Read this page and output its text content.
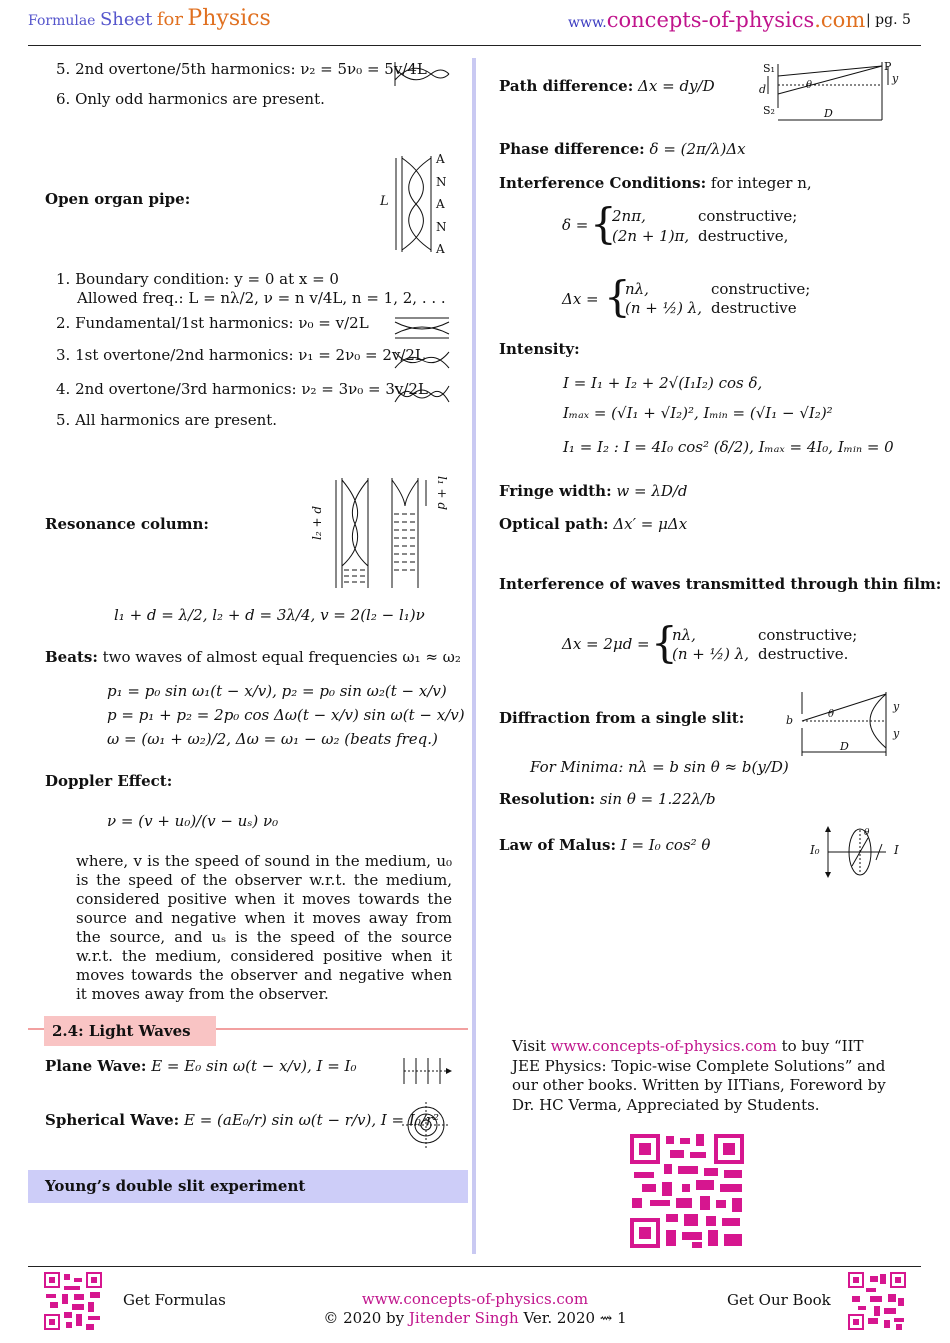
Formulae Sheet for Physics	www.concepts-of-physics.com | pg. 5
5. 2nd overtone/5th harmonics: ν₂ = 5ν₀ = 5v/4L
6. Only odd harmonics are present.
Open organ pipe:	L
A
N
A
N
A
1. Boundary condition: y = 0 at x = 0
Allowed freq.: L = nλ/2, ν = n v/4L, n = 1, 2, . . .
2. Fundamental/1st harmonics: ν₀ = v/2L
3. 1st overtone/2nd harmonics: ν₁ = 2ν₀ = 2v/2L
4. 2nd overtone/3rd harmonics: ν₂ = 3ν₀ = 3v/2L
5. All harmonics are present.
Resonance column:	l₂ + d
l₁ + d
l₁ + d = λ/2, l₂ + d = 3λ/4, v = 2(l₂ − l₁)ν
Beats: two waves of almost equal frequencies ω₁ ≈ ω₂
p₁ = p₀ sin ω₁(t − x/v), p₂ = p₀ sin ω₂(t − x/v)
p = p₁ + p₂ = 2p₀ cos Δω(t − x/v) sin ω(t − x/v)
ω = (ω₁ + ω₂)/2, Δω = ω₁ − ω₂ (beats freq.)
Doppler Effect:
ν = (v + u₀)/(v − uₛ) ν₀
where, v is the speed of sound in the medium, u₀ is the speed of the observer w.r.t. the medium, considered positive when it moves towards the source and negative when it moves away from the source, and uₛ is the speed of the source w.r.t. the medium, considered positive when it moves towards the observer and negative when it moves away from the observer.
2.4: Light Waves
Plane Wave: E = E₀ sin ω(t − x/v), I = I₀
Spherical Wave: E = (aE₀/r) sin ω(t − r/v), I = I₀/r²
Young’s double slit experiment
Path difference: Δx = dy/D
S₁
S₂
P
y
d	θ
D
Phase difference: δ = (2π/λ)Δx
Interference Conditions: for integer n,
δ = {
2nπ,	constructive;
(2n + 1)π, destructive,
Δx = {
nλ,	constructive;
(n + ½) λ, destructive
Intensity:
I = I₁ + I₂ + 2√(I₁I₂) cos δ,
Iₘₐₓ = (√I₁ + √I₂)², Iₘᵢₙ = (√I₁ − √I₂)²
I₁ = I₂ : I = 4I₀ cos² (δ/2), Iₘₐₓ = 4I₀, Iₘᵢₙ = 0
Fringe width: w = λD/d
Optical path: Δx′ = μΔx
Interference of waves transmitted through thin film:
Δx = 2μd = {
nλ,	constructive;
(n + ½) λ, destructive.
Diffraction from a single slit:	b	θ
y
y
D
For Minima: nλ = b sin θ ≈ b(y/D)
Resolution: sin θ = 1.22λ/b
Law of Malus: I = I₀ cos² θ	I₀
θ
I
Visit www.concepts-of-physics.com to buy “IIT JEE Physics: Topic-wise Complete Solutions” and our other books. Written by IITians, Foreword by Dr. HC Verma, Appreciated by Students.
Get Formulas	www.concepts-of-physics.com
© 2020 by Jitender Singh Ver. 2020 ⇝ 1
Get Our Book
